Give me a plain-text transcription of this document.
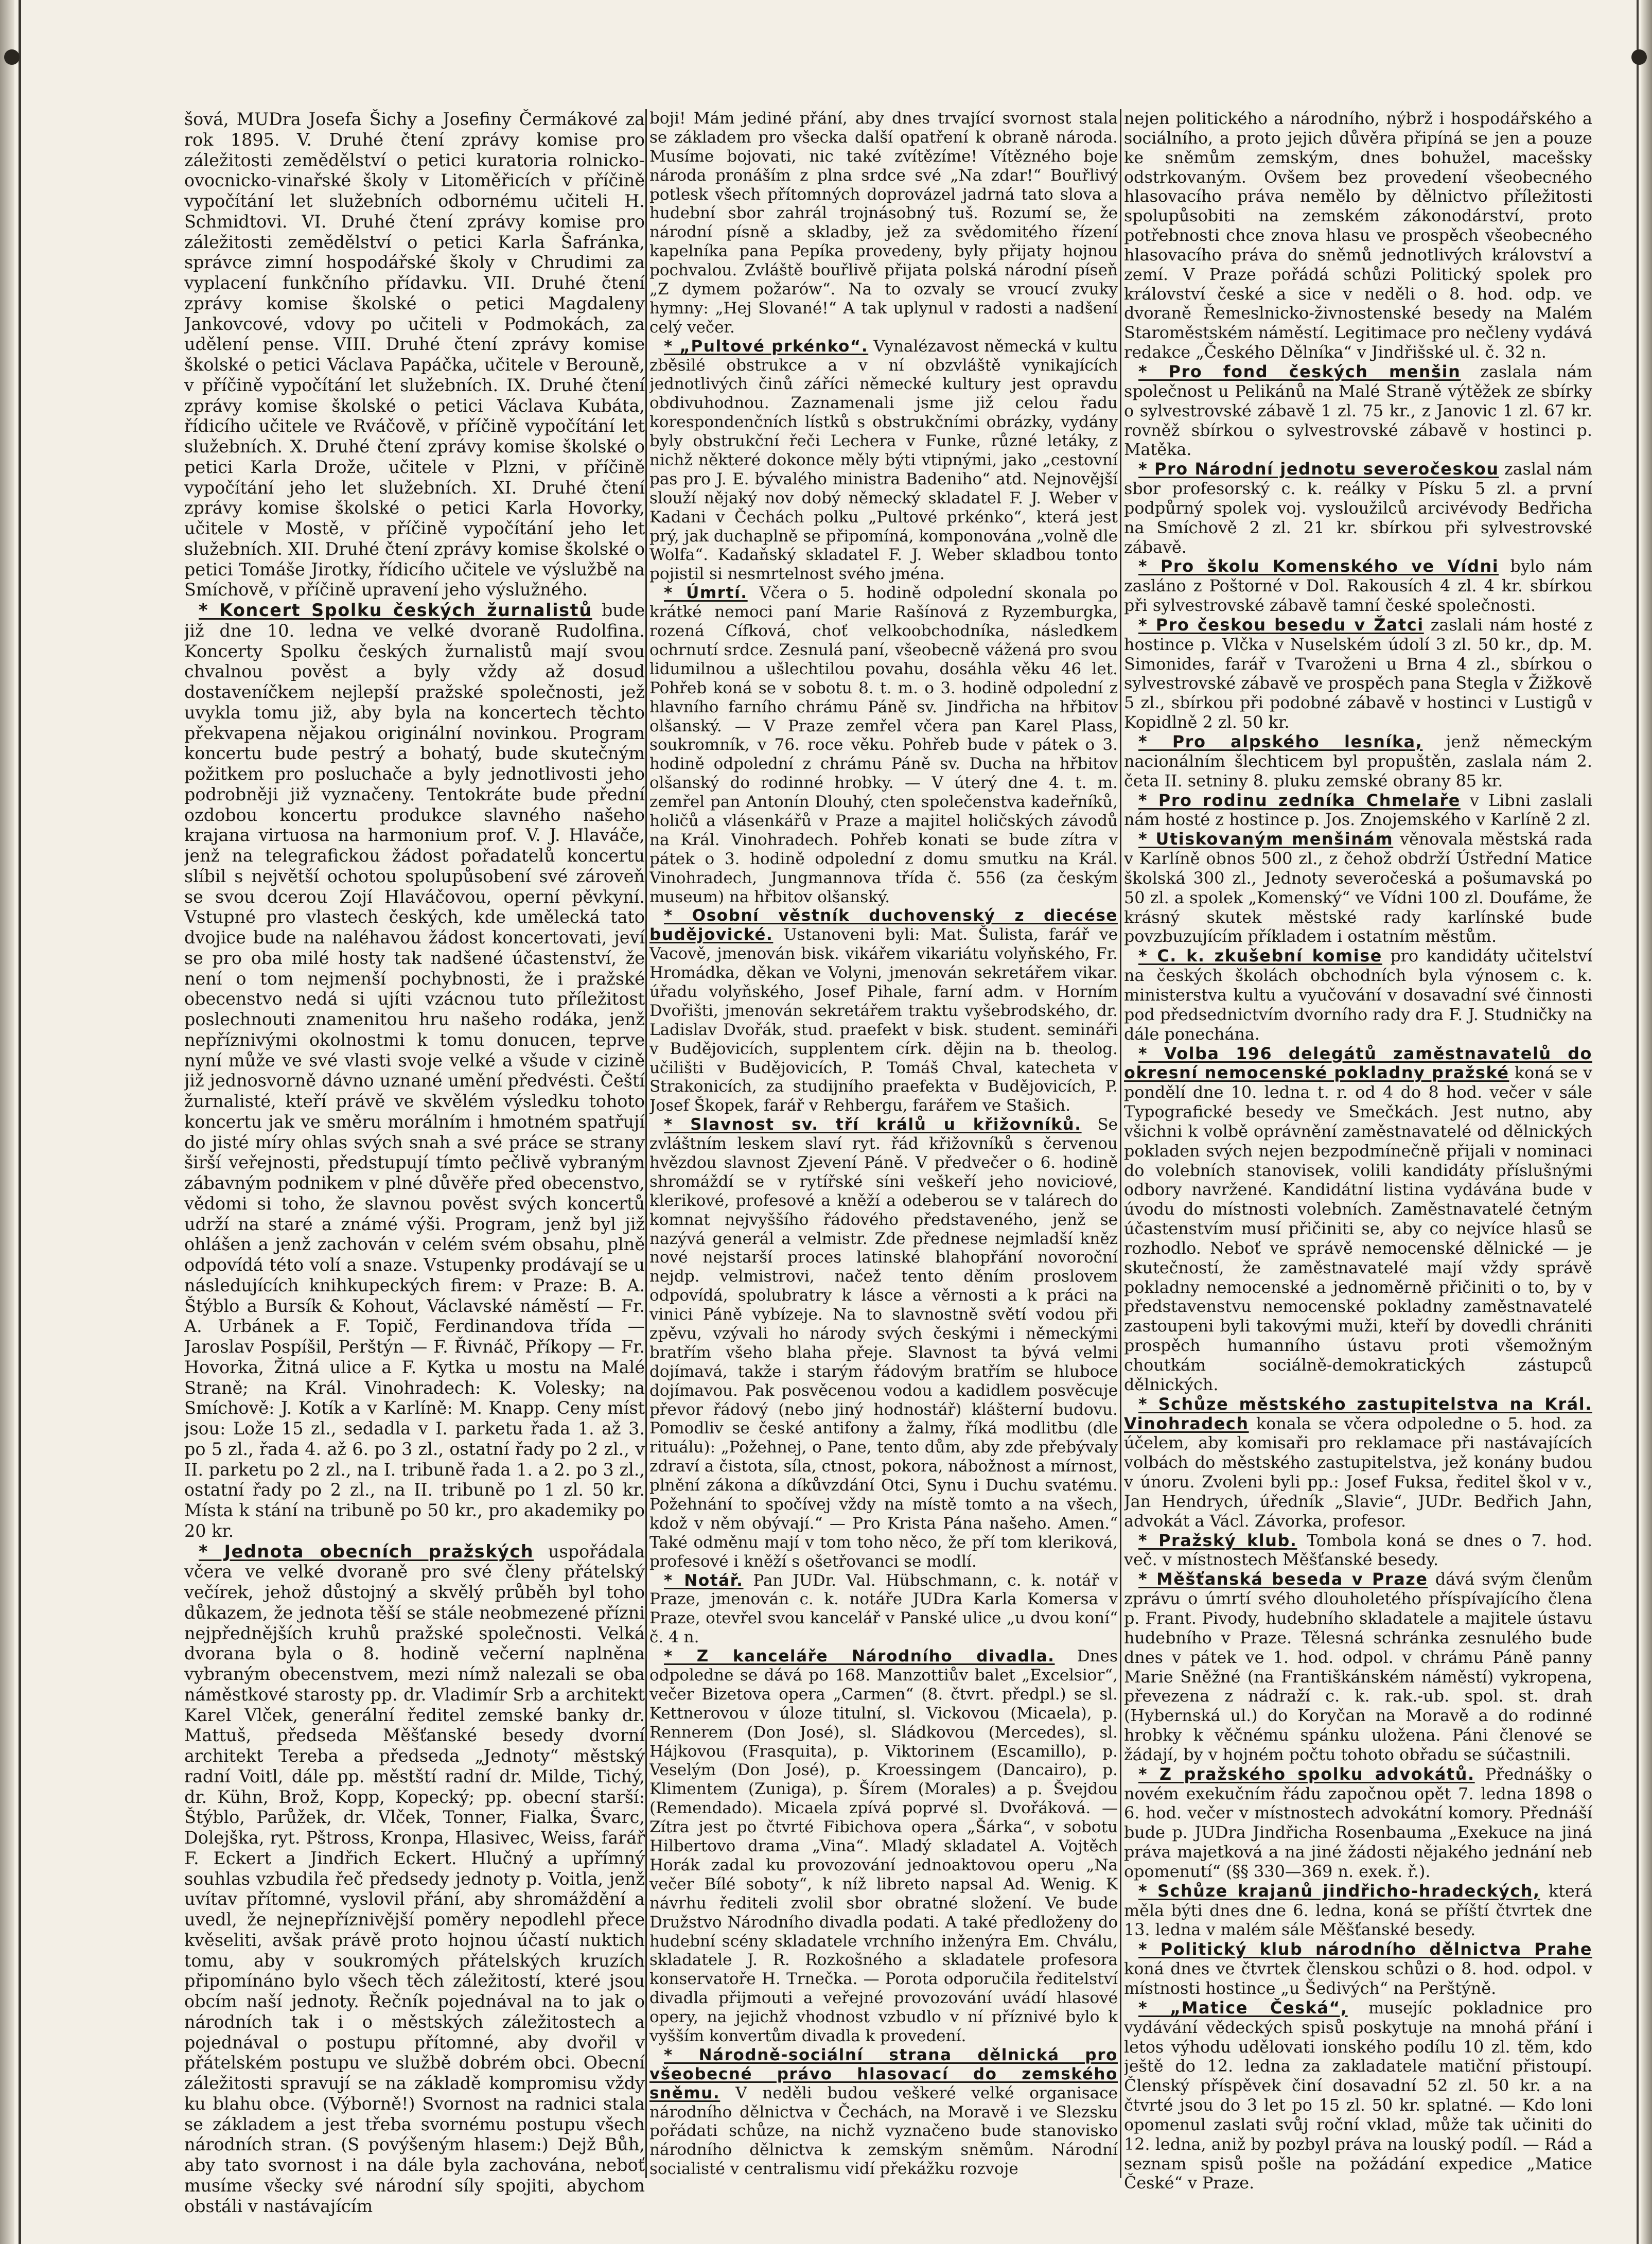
šová, MUDra Josefa Šichy a Josefiny Čermákové za rok 1895. V. Druhé čtení zprávy komise pro záležitosti zemědělství o petici kuratoria rolnicko-ovocnicko-vinařské školy v Litoměřicích v příčině vypočítání let služebních odbornému učiteli H. Schmidtovi. VI. Druhé čtení zprávy komise pro záležitosti zemědělství o petici Karla Šafránka, správce zimní hospodářské školy v Chrudimi za vyplacení funkčního přídavku. VII. Druhé čtení zprávy komise školské o petici Magdaleny Jankovcové, vdovy po učiteli v Podmokách, za udělení pense. VIII. Druhé čtení zprávy komise školské o petici Václava Papáčka, učitele v Berouně, v příčině vypočítání let služebních. IX. Druhé čtení zprávy komise školské o petici Václava Kubáta, řídicího učitele ve Rváčově, v příčině vypočítání let služebních. X. Druhé čtení zprávy komise školské o petici Karla Drože, učitele v Plzni, v příčině vypočítání jeho let služebních. XI. Druhé čtení zprávy komise školské o petici Karla Hovorky, učitele v Mostě, v příčině vypočítání jeho let služebních. XII. Druhé čtení zprávy komise školské o petici Tomáše Jirotky, řídicího učitele ve výslužbě na Smíchově, v příčině upravení jeho výslužného.

* Koncert Spolku českých žurnalistů bude již dne 10. ledna ve velké dvoraně Rudolfina. Koncerty Spolku českých žurnalistů mají svou chvalnou pověst a byly vždy až dosud dostaveníčkem nejlepší pražské společnosti, jež uvykla tomu již, aby byla na koncertech těchto překvapena nějakou originální novinkou. Program koncertu bude pestrý a bohatý, bude skutečným požitkem pro posluchače a byly jednotlivosti jeho podrobněji již vyznačeny. Tentokráte bude přední ozdobou koncertu produkce slavného našeho krajana virtuosa na harmonium prof. V. J. Hlaváče, jenž na telegrafickou žádost pořadatelů koncertu slíbil s největší ochotou spolupůsobení své zároveň se svou dcerou Zojí Hlaváčovou, operní pěvkyní. Vstupné pro vlastech českých, kde umělecká tato dvojice bude na naléhavou žádost koncertovati, jeví se pro oba milé hosty tak nadšené účastenství, že není o tom nejmenší pochybnosti, že i pražské obecenstvo nedá si ujíti vzácnou tuto příležitost poslechnouti znamenitou hru našeho rodáka, jenž nepříznivými okolnostmi k tomu donucen, teprve nyní může ve své vlasti svoje velké a všude v cizině již jednosvorně dávno uznané umění předvésti. Čeští žurnalisté, kteří právě ve skvělém výsledku tohoto koncertu jak ve směru morálním i hmotném spatřují do jisté míry ohlas svých snah a své práce se strany širší veřejnosti, předstupují tímto pečlivě vybraným zábavným podnikem v plné důvěře před obecenstvo, vědomi si toho, že slavnou pověst svých koncertů udrží na staré a známé výši. Program, jenž byl již ohlášen a jenž zachován v celém svém obsahu, plně odpovídá této volí a snaze. Vstupenky prodávají se u následujících knihkupeckých firem: v Praze: B. A. Štýblo a Bursík & Kohout, Václavské náměstí — Fr. A. Urbánek a F. Topič, Ferdinandova třída — Jaroslav Pospíšil, Perštýn — F. Řivnáč, Příkopy — Fr. Hovorka, Žitná ulice a F. Kytka u mostu na Malé Straně; na Král. Vinohradech: K. Volesky; na Smíchově: J. Kotík a v Karlíně: M. Knapp. Ceny míst jsou: Lože 15 zl., sedadla v I. parketu řada 1. až 3. po 5 zl., řada 4. až 6. po 3 zl., ostatní řady po 2 zl., v II. parketu po 2 zl., na I. tribuně řada 1. a 2. po 3 zl., ostatní řady po 2 zl., na II. tribuně po 1 zl. 50 kr. Místa k stání na tribuně po 50 kr., pro akademiky po 20 kr.

* Jednota obecních pražských uspořádala včera ve velké dvoraně pro své členy přátelský večírek, jehož důstojný a skvělý průběh byl toho důkazem, že jednota těší se stále neobmezené přízni nejpřednějších kruhů pražské společnosti. Velká dvorana byla o 8. hodině večerní naplněna vybraným obecenstvem, mezi nímž nalezali se oba náměstkové starosty pp. dr. Vladimír Srb a architekt Karel Vlček, generální ředitel zemské banky dr. Mattuš, předseda Měšťanské besedy dvorní architekt Tereba a předseda „Jednoty“ městský radní Voitl, dále pp. městští radní dr. Milde, Tichý, dr. Kühn, Brož, Kopp, Kopecký; pp. obecní starší: Štýblo, Parůžek, dr. Vlček, Tonner, Fialka, Švarc, Dolejška, ryt. Pštross, Kronpa, Hlasivec, Weiss, farář F. Eckert a Jindřich Eckert. Hlučný a upřímný souhlas vzbudila řeč předsedy jednoty p. Voitla, jenž uvítav přítomné, vyslovil přání, aby shromáždění a uvedl, že nejnepříznivější poměry nepodlehl přece kvěseliti, avšak právě proto hojnou účastí nuktich tomu, aby v soukromých přátelských kruzích připomínáno bylo všech těch záležitostí, které jsou obcím naší jednoty. Řečník pojednával na to jak o národních tak i o městských záležitostech a pojednával o postupu přítomné, aby dvořil v přátelském postupu ve službě dobrém obci. Obecní záležitosti spravují se na základě kompromisu vždy ku blahu obce. (Výborně!) Svornost na radnici stala se základem a jest třeba svornému postupu všech národních stran. (S povýšeným hlasem:) Dejž Bůh, aby tato svornost i na dále byla zachována, neboť musíme všecky své národní síly spojiti, abychom obstáli v nastávajícím

boji! Mám jediné přání, aby dnes trvající svornost stala se základem pro všecka další opatření k obraně národa. Musíme bojovati, nic také zvítězíme! Vítězného boje národa pronáším z plna srdce své „Na zdar!“ Bouřlivý potlesk všech přítomných doprovázel jadrná tato slova a hudební sbor zahrál trojnásobný tuš. Rozumí se, že národní písně a skladby, jež za svědomitého řízení kapelníka pana Pepíka provedeny, byly přijaty hojnou pochvalou. Zvláště bouřlivě přijata polská národní píseň „Z dymem požarów“. Na to ozvaly se vroucí zvuky hymny: „Hej Slované!“ A tak uplynul v radosti a nadšení celý večer.

* „Pultové prkénko“. Vynalézavost německá v kultu zběsilé obstrukce a v ní obzvláště vynikajících jednotlivých činů záříci německé kultury jest opravdu obdivuhodnou. Zaznamenali jsme již celou řadu korespondenčních lístků s obstrukčními obrázky, vydány byly obstrukční řeči Lechera v Funke, různé letáky, z nichž některé dokonce měly býti vtipnými, jako „cestovní pas pro J. E. bývalého ministra Badeniho“ atd. Nejnovější slouží nějaký nov dobý německý skladatel F. J. Weber v Kadani v Čechách polku „Pultové prkénko“, která jest prý, jak duchaplně se připomíná, komponována „volně dle Wolfa“. Kadaňský skladatel F. J. Weber skladbou tonto pojistil si nesmrtelnost svého jména.

* Úmrtí. Včera o 5. hodině odpolední skonala po krátké nemoci paní Marie Rašínová z Ryzemburgka, rozená Cífková, choť velkoobchodníka, následkem ochrnutí srdce. Zesnulá paní, všeobecně vážená pro svou lidumilnou a ušlechtilou povahu, dosáhla věku 46 let. Pohřeb koná se v sobotu 8. t. m. o 3. hodině odpolední z hlavního farního chrámu Páně sv. Jindřicha na hřbitov olšanský. — V Praze zemřel včera pan Karel Plass, soukromník, v 76. roce věku. Pohřeb bude v pátek o 3. hodině odpolední z chrámu Páně sv. Ducha na hřbitov olšanský do rodinné hrobky. — V úterý dne 4. t. m. zemřel pan Antonín Dlouhý, cten společenstva kadeřníků, holičů a vlásenkářů v Praze a majitel holičských závodů na Král. Vinohradech. Pohřeb konati se bude zítra v pátek o 3. hodině odpolední z domu smutku na Král. Vinohradech, Jungmannova třída č. 556 (za českým museum) na hřbitov olšanský.

* Osobní věstník duchovenský z diecése budějovické. Ustanoveni byli: Mat. Šulista, farář ve Vacově, jmenován bisk. vikářem vikariátu volyňského, Fr. Hromádka, děkan ve Volyni, jmenován sekretářem vikar. úřadu volyňského, Josef Pihale, farní adm. v Horním Dvořišti, jmenován sekretářem traktu vyšebrodského, dr. Ladislav Dvořák, stud. praefekt v bisk. student. semináři v Budějovicích, supplentem círk. dějin na b. theolog. učilišti v Budějovicích, P. Tomáš Chval, katecheta v Strakonicích, za studijního praefekta v Budějovicích, P. Josef Škopek, farář v Rehbergu, farářem ve Stašich.

* Slavnost sv. tří králů u křižovníků. Se zvláštním leskem slaví ryt. řád křižovníků s červenou hvězdou slavnost Zjevení Páně. V předvečer o 6. hodině shromáždí se v rytířské síni veškeří jeho noviciové, klerikové, profesové a kněží a odeberou se v talárech do komnat nejvyššího řádového představeného, jenž se nazývá generál a velmistr. Zde přednese nejmladší kněz nové nejstarší proces latinské blahopřání novoroční nejdp. velmistrovi, načež tento děním proslovem odpovídá, spolubratry k lásce a věrnosti a k práci na vinici Páně vybízeje. Na to slavnostně světí vodou při zpěvu, vzývali ho národy svých českými i německými bratřím všeho blaha přeje. Slavnost ta bývá velmi dojímavá, takže i starým řádovým bratřím se hluboce dojímavou. Pak posvěcenou vodou a kadidlem posvěcuje převor řádový (nebo jiný hodnostář) klášterní budovu. Pomodliv se české antifony a žalmy, říká modlitbu (dle rituálu): „Požehnej, o Pane, tento dům, aby zde přebývaly zdraví a čistota, síla, ctnost, pokora, nábožnost a mírnost, plnění zákona a díkůvzdání Otci, Synu i Duchu svatému. Požehnání to spočívej vždy na místě tomto a na všech, kdož v něm obývají.“ — Pro Krista Pána našeho. Amen.“ Také odměnu mají v tom toho něco, že pří tom kleriková, profesové i kněží s ošetřovanci se modlí.

* Notář. Pan JUDr. Val. Hübschmann, c. k. notář v Praze, jmenován c. k. notáře JUDra Karla Komersa v Praze, otevřel svou kancelář v Panské ulice „u dvou koní“ č. 4 n.

* Z kanceláře Národního divadla. Dnes odpoledne se dává po 168. Manzottiův balet „Excelsior“, večer Bizetova opera „Carmen“ (8. čtvrt. předpl.) se sl. Kettnerovou v úloze titulní, sl. Vickovou (Micaela), p. Rennerem (Don José), sl. Sládkovou (Mercedes), sl. Hájkovou (Frasquita), p. Viktorinem (Escamillo), p. Veselým (Don José), p. Kroessingem (Dancairo), p. Klimentem (Zuniga), p. Šírem (Morales) a p. Švejdou (Remendado). Micaela zpívá poprvé sl. Dvořáková. — Zítra jest po čtvrté Fibichova opera „Šárka“, v sobotu Hilbertovo drama „Vina“. Mladý skladatel A. Vojtěch Horák zadal ku provozování jednoaktovou operu „Na večer Bílé soboty“, k níž libreto napsal Ad. Wenig. K návrhu řediteli zvolil sbor obratné složení. Ve bude Družstvo Národního divadla podati. A také předloženy do hudební scény skladatele vrchního inženýra Em. Chválu, skladatele J. R. Rozkošného a skladatele profesora konservatoře H. Trnečka. — Porota odporučila ředitelství divadla přijmouti a veřejné provozování uvádí hlasové opery, na jejichž vhodnost vzbudlo v ní příznivé bylo k vyšším konvertům divadla k provedení.

* Národně-sociální strana dělnická pro všeobecné právo hlasovací do zemského sněmu. V neděli budou veškeré velké organisace národního dělnictva v Čechách, na Moravě i ve Slezsku pořádati schůze, na nichž vyznačeno bude stanovisko národního dělnictva k zemským sněmům. Národní socialisté v centralismu vidí překážku rozvoje

nejen politického a národního, nýbrž i hospodářského a sociálního, a proto jejich důvěra připíná se jen a pouze ke sněmům zemským, dnes bohužel, macešsky odstrkovaným. Ovšem bez provedení všeobecného hlasovacího práva nemělo by dělnictvo příležitosti spolupůsobiti na zemském zákonodárství, proto potřebnosti chce znova hlasu ve prospěch všeobecného hlasovacího práva do sněmů jednotlivých království a zemí. V Praze pořádá schůzi Politický spolek pro království české a sice v neděli o 8. hod. odp. ve dvoraně Řemeslnicko-živnostenské besedy na Malém Staroměstském náměstí. Legitimace pro nečleny vydává redakce „Českého Dělníka“ v Jindřišské ul. č. 32 n.

* Pro fond českých menšin zaslala nám společnost u Pelikánů na Malé Straně výtěžek ze sbírky o sylvestrovské zábavě 1 zl. 75 kr., z Janovic 1 zl. 67 kr. rovněž sbírkou o sylvestrovské zábavě v hostinci p. Matěka.

* Pro Národní jednotu severočeskou zaslal nám sbor profesorský c. k. reálky v Písku 5 zl. a první podpůrný spolek voj. vysloužilců arcivévody Bedřicha na Smíchově 2 zl. 21 kr. sbírkou při sylvestrovské zábavě.

* Pro školu Komenského ve Vídni bylo nám zasláno z Poštorné v Dol. Rakousích 4 zl. 4 kr. sbírkou při sylvestrovské zábavě tamní české společnosti.

* Pro českou besedu v Žatci zaslali nám hosté z hostince p. Vlčka v Nuselském údolí 3 zl. 50 kr., dp. M. Simonides, farář v Tvaroženi u Brna 4 zl., sbírkou o sylvestrovské zábavě ve prospěch pana Stegla v Žižkově 5 zl., sbírkou při podobné zábavě v hostinci v Lustigů v Kopidlně 2 zl. 50 kr.

* Pro alpského lesníka, jenž německým nacionálním šlechticem byl propuštěn, zaslala nám 2. četa II. setniny 8. pluku zemské obrany 85 kr.

* Pro rodinu zedníka Chmelaře v Libni zaslali nám hosté z hostince p. Jos. Znojemského v Karlíně 2 zl.

* Utiskovaným menšinám věnovala městská rada v Karlíně obnos 500 zl., z čehož obdrží Ústřední Matice školská 300 zl., Jednoty severočeská a pošumavská po 50 zl. a spolek „Komenský“ ve Vídni 100 zl. Doufáme, že krásný skutek městské rady karlínské bude povzbuzujícím příkladem i ostatním městům.

* C. k. zkušební komise pro kandidáty učitelství na českých školách obchodních byla výnosem c. k. ministerstva kultu a vyučování v dosavadní své činnosti pod předsednictvím dvorního rady dra F. J. Studničky na dále ponechána.

* Volba 196 delegátů zaměstnavatelů do okresní nemocenské pokladny pražské koná se v pondělí dne 10. ledna t. r. od 4 do 8 hod. večer v sále Typografické besedy ve Smečkách. Jest nutno, aby všichni k volbě oprávnění zaměstnavatelé od dělnických pokladen svých nejen bezpodmínečně přijali v nominaci do volebních stanovisek, volili kandidáty příslušnými odbory navržené. Kandidátní listina vydávána bude v úvodu do místnosti volebních. Zaměstnavatelé četným účastenstvím musí přičiniti se, aby co nejvíce hlasů se rozhodlo. Neboť ve správě nemocenské dělnické — je skutečností, že zaměstnavatelé mají vždy správě pokladny nemocenské a jednoměrně přičiniti o to, by v představenstvu nemocenské pokladny zaměstnavatelé zastoupeni byli takovými muži, kteří by dovedli chrániti prospěch humanního ústavu proti všemožným choutkám sociálně-demokratických zástupců dělnických.

* Schůze městského zastupitelstva na Král. Vinohradech konala se včera odpoledne o 5. hod. za účelem, aby komisaři pro reklamace při nastávajících volbách do městského zastupitelstva, jež konány budou v únoru. Zvoleni byli pp.: Josef Fuksa, ředitel škol v v., Jan Hendrych, úředník „Slavie“, JUDr. Bedřich Jahn, advokát a Václ. Závorka, profesor.

* Pražský klub. Tombola koná se dnes o 7. hod. več. v místnostech Měšťanské besedy.

* Měšťanská beseda v Praze dává svým členům zprávu o úmrtí svého dlouholetého příspívajícího člena p. Frant. Pivody, hudebního skladatele a majitele ústavu hudebního v Praze. Tělesná schránka zesnulého bude dnes v pátek ve 1. hod. odpol. v chrámu Páně panny Marie Sněžné (na Františkánském náměstí) vykropena, převezena z nádraží c. k. rak.-ub. spol. st. drah (Hybernská ul.) do Koryčan na Moravě a do rodinné hrobky k věčnému spánku uložena. Páni členové se žádají, by v hojném počtu tohoto obřadu se súčastnili.

* Z pražského spolku advokátů. Přednášky o novém exekučním řádu započnou opět 7. ledna 1898 o 6. hod. večer v místnostech advokátní komory. Přednáší bude p. JUDra Jindřicha Rosenbauma „Exekuce na jiná práva majetková a na jiné žádosti nějakého jednání neb opomenutí“ (§§ 330—369 n. exek. ř.).

* Schůze krajanů jindřicho-hradeckých, která měla býti dnes dne 6. ledna, koná se příští čtvrtek dne 13. ledna v malém sále Měšťanské besedy.

* Politický klub národního dělnictva Prahe koná dnes ve čtvrtek členskou schůzi o 8. hod. odpol. v místnosti hostince „u Šedivých“ na Perštýně.

* „Matice Česká“, musejíc pokladnice pro vydávání vědeckých spisů poskytuje na mnohá přání i letos výhodu udělovati ionského podílu 10 zl. těm, kdo ještě do 12. ledna za zakladatele matiční přistoupí. Členský příspěvek činí dosavadní 52 zl. 50 kr. a na čtvrté jsou do 3 let po 15 zl. 50 kr. splatné. — Kdo loni opomenul zaslati svůj roční vklad, může tak učiniti do 12. ledna, aniž by pozbyl práva na louský podíl. — Rád a seznam spisů pošle na požádání expedice „Matice České“ v Praze.
